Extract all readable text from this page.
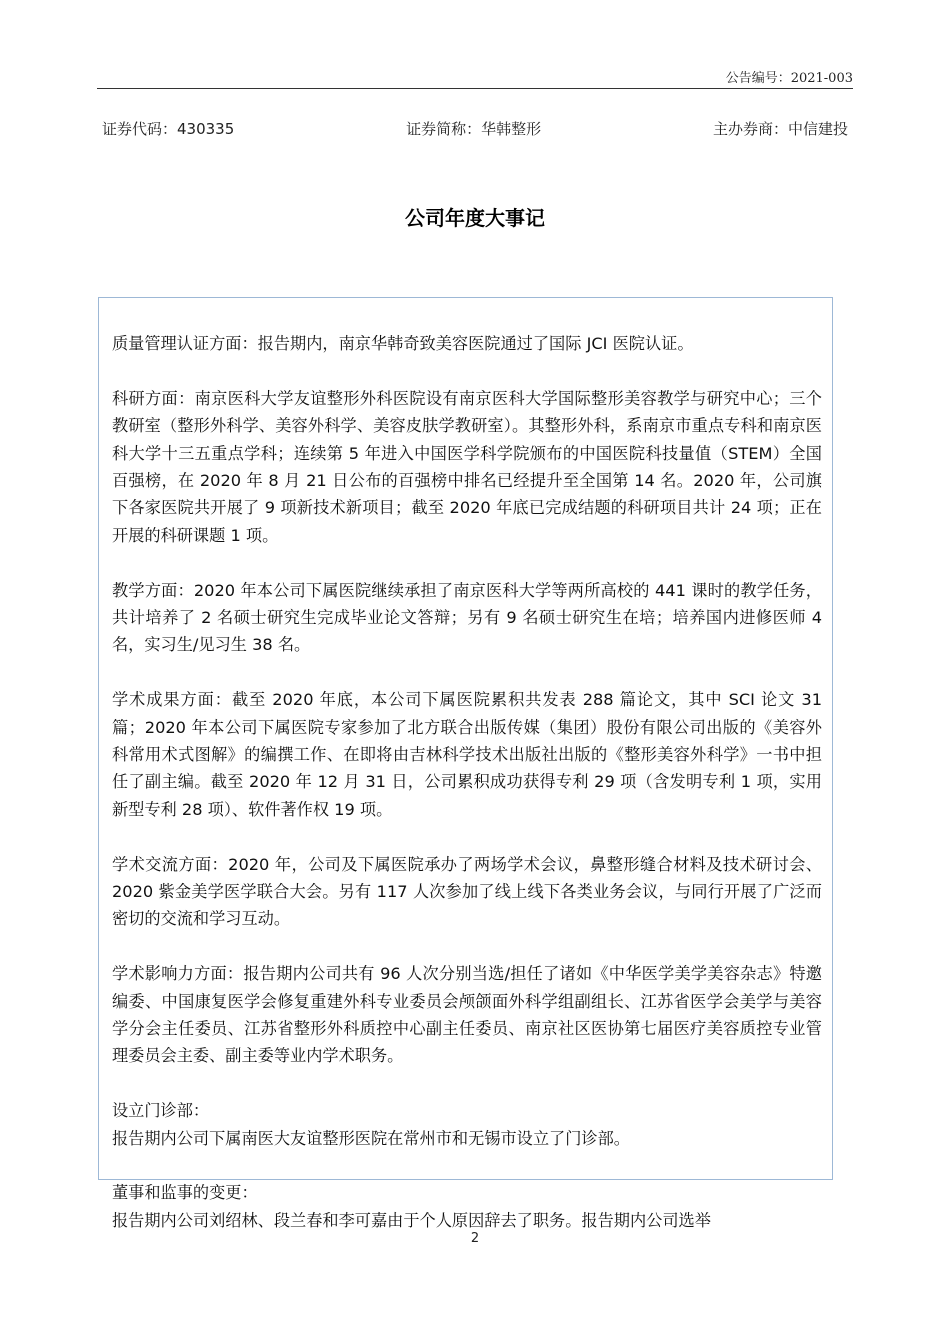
公告编号：2021-003
证券代码：430335	证券简称：华韩整形	主办券商：中信建投
公司年度大事记

质量管理认证方面：报告期内，南京华韩奇致美容医院通过了国际 JCI 医院认证。

科研方面：南京医科大学友谊整形外科医院设有南京医科大学国际整形美容教学与研究中心；三个教研室（整形外科学、美容外科学、美容皮肤学教研室）。其整形外科，系南京市重点专科和南京医科大学十三五重点学科；连续第 5 年进入中国医学科学院颁布的中国医院科技量值（STEM）全国百强榜，在 2020 年 8 月 21 日公布的百强榜中排名已经提升至全国第 14 名。2020 年，公司旗下各家医院共开展了 9 项新技术新项目；截至 2020 年底已完成结题的科研项目共计 24 项；正在开展的科研课题 1 项。

教学方面：2020 年本公司下属医院继续承担了南京医科大学等两所高校的 441 课时的教学任务，共计培养了 2 名硕士研究生完成毕业论文答辩；另有 9 名硕士研究生在培；培养国内进修医师 4 名，实习生/见习生 38 名。

学术成果方面：截至 2020 年底，本公司下属医院累积共发表 288 篇论文，其中 SCI 论文 31 篇；2020 年本公司下属医院专家参加了北方联合出版传媒（集团）股份有限公司出版的《美容外科常用术式图解》的编撰工作、在即将由吉林科学技术出版社出版的《整形美容外科学》一书中担任了副主编。截至 2020 年 12 月 31 日，公司累积成功获得专利 29 项（含发明专利 1 项，实用新型专利 28 项）、软件著作权 19 项。

学术交流方面：2020 年，公司及下属医院承办了两场学术会议，鼻整形缝合材料及技术研讨会、2020 紫金美学医学联合大会。另有 117 人次参加了线上线下各类业务会议，与同行开展了广泛而密切的交流和学习互动。

学术影响力方面：报告期内公司共有 96 人次分别当选/担任了诸如《中华医学美学美容杂志》特邀编委、中国康复医学会修复重建外科专业委员会颅颌面外科学组副组长、江苏省医学会美学与美容学分会主任委员、江苏省整形外科质控中心副主任委员、南京社区医协第七届医疗美容质控专业管理委员会主委、副主委等业内学术职务。

设立门诊部：
报告期内公司下属南医大友谊整形医院在常州市和无锡市设立了门诊部。

董事和监事的变更：
报告期内公司刘绍林、段兰春和李可嘉由于个人原因辞去了职务。报告期内公司选举

2
